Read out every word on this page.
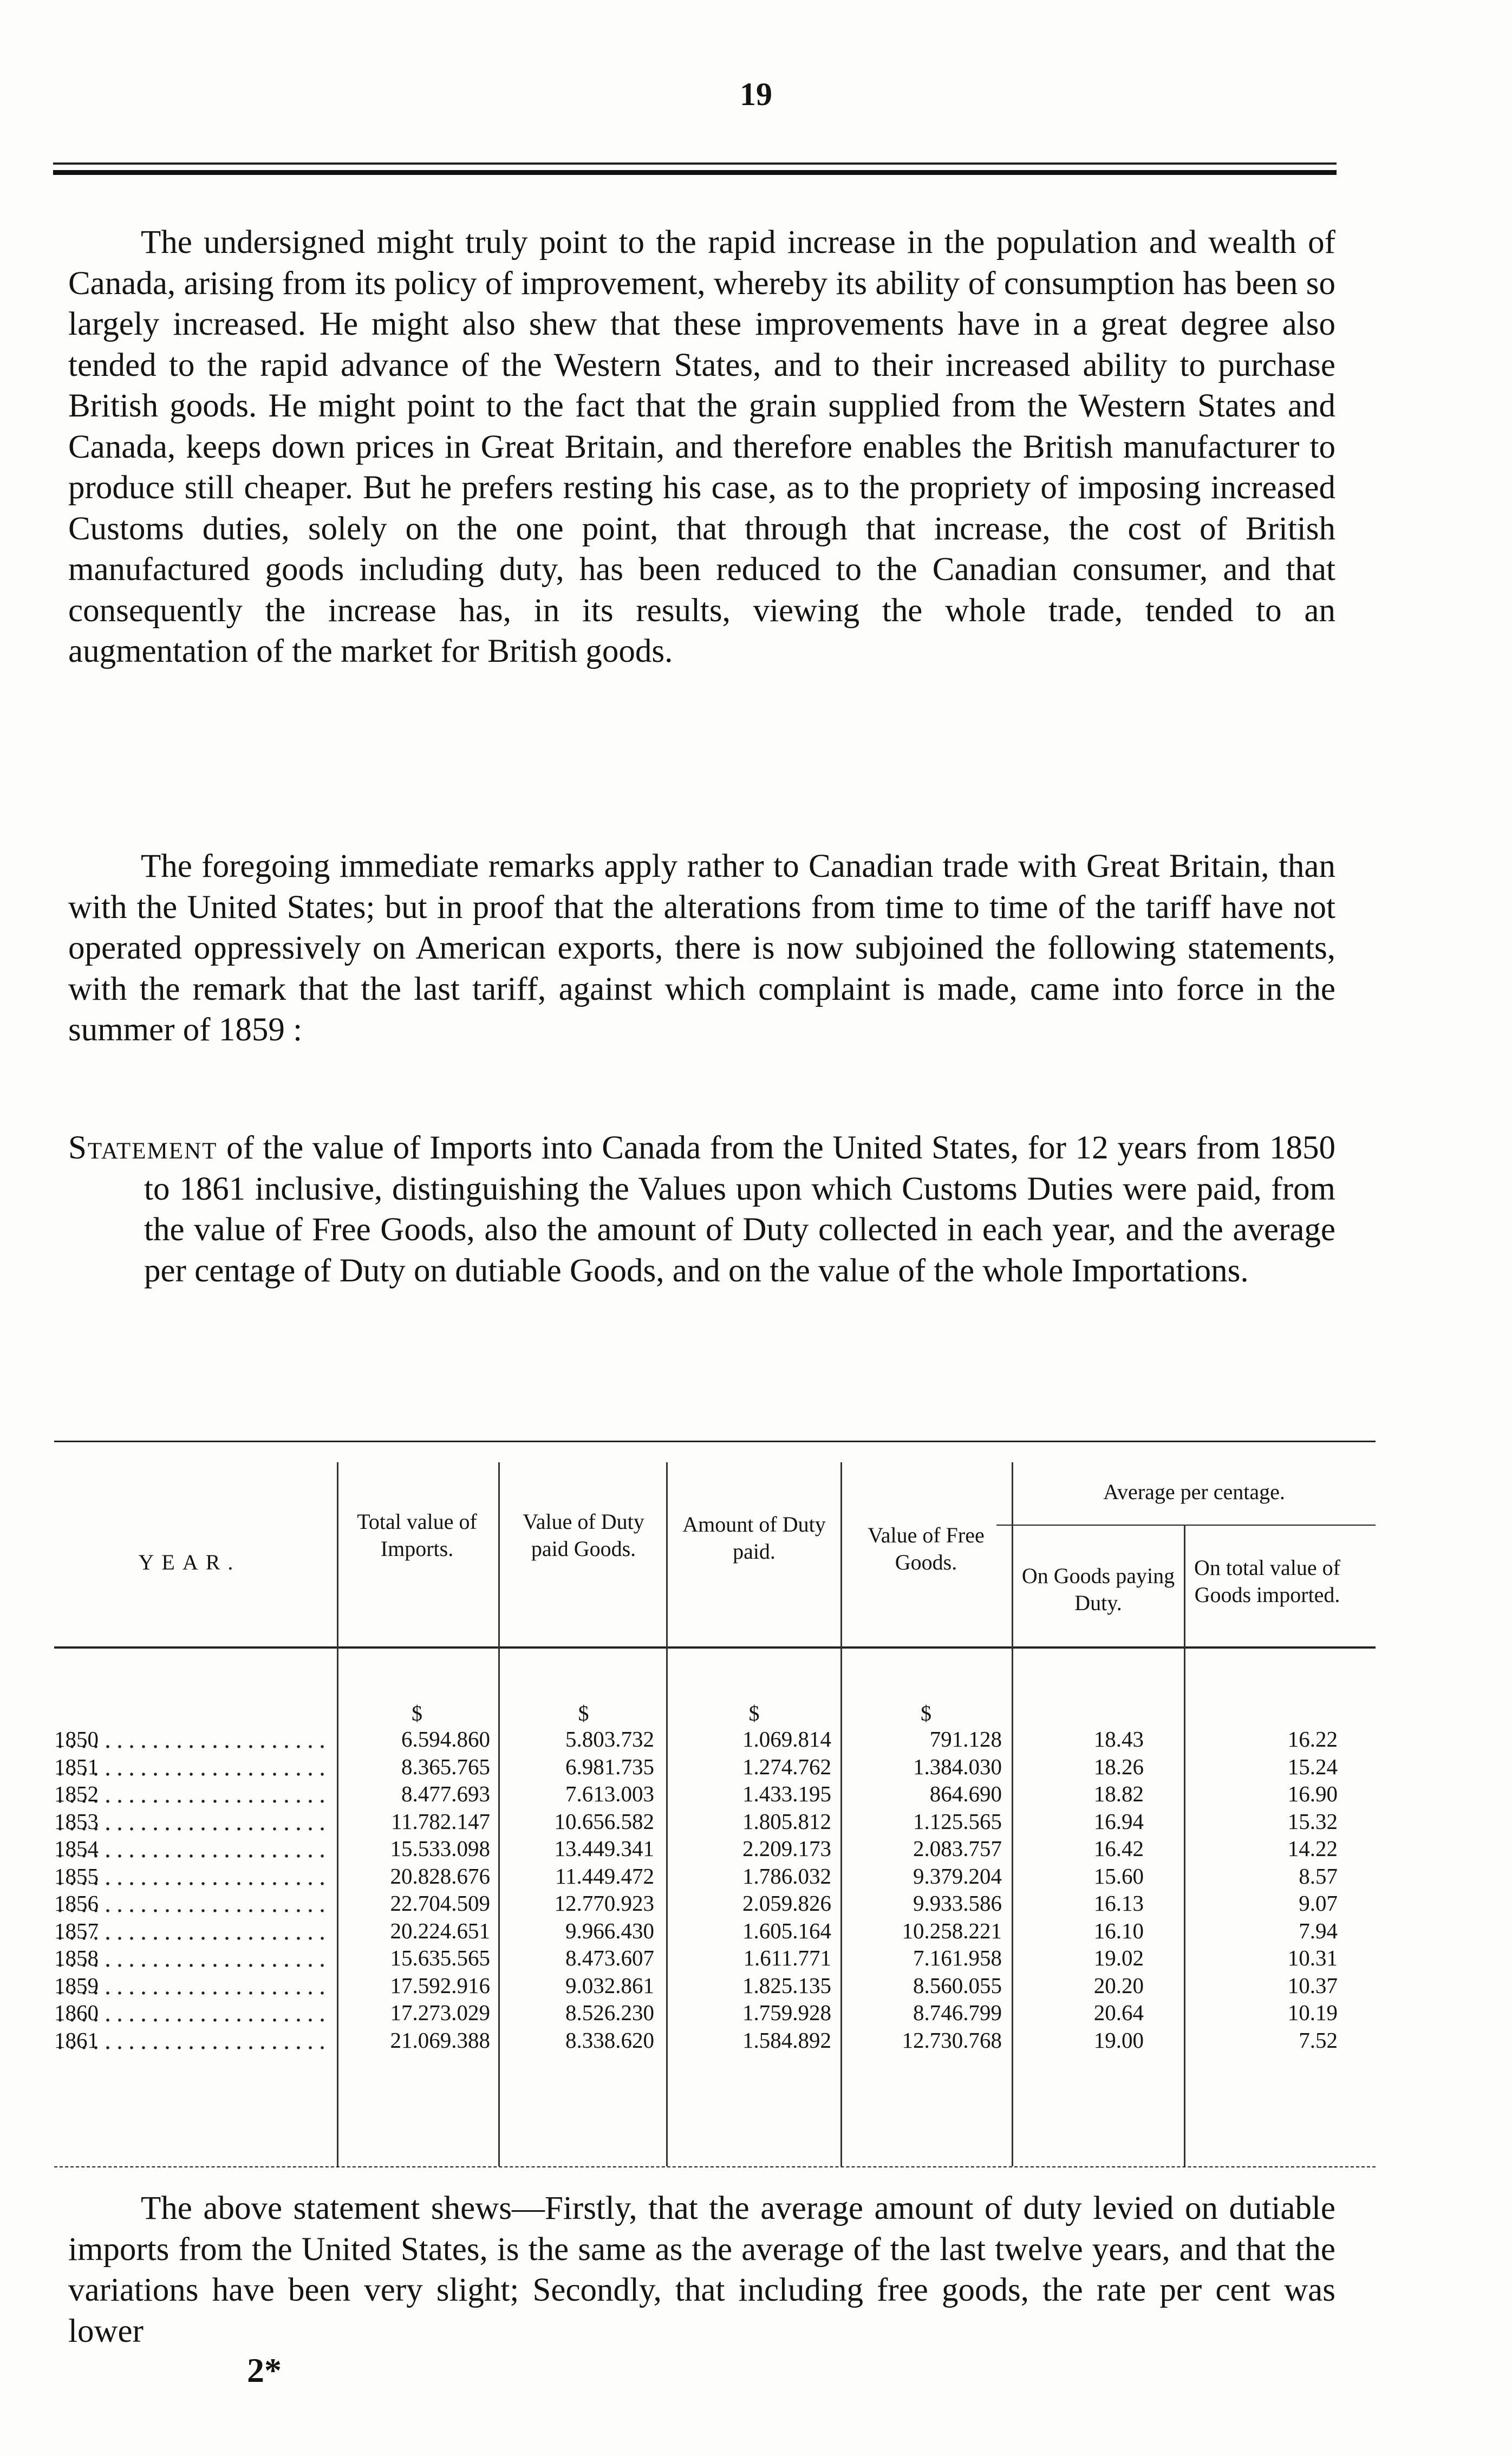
19

The undersigned might truly point to the rapid increase in the population and wealth of Canada, arising from its policy of improvement, whereby its ability of consumption has been so largely increased. He might also shew that these improvements have in a great degree also tended to the rapid advance of the Western States, and to their increased ability to purchase British goods. He might point to the fact that the grain supplied from the Western States and Canada, keeps down prices in Great Britain, and therefore enables the British manufacturer to produce still cheaper. But he prefers resting his case, as to the propriety of imposing increased Customs duties, solely on the one point, that through that increase, the cost of British manufactured goods including duty, has been reduced to the Canadian consumer, and that consequently the increase has, in its results, viewing the whole trade, tended to an augmentation of the market for British goods.

The foregoing immediate remarks apply rather to Canadian trade with Great Britain, than with the United States; but in proof that the alterations from time to time of the tariff have not operated oppressively on American exports, there is now subjoined the following statements, with the remark that the last tariff, against which complaint is made, came into force in the summer of 1859 :

Statement of the value of Imports into Canada from the United States, for 12 years from 1850 to 1861 inclusive, distinguishing the Values upon which Customs Duties were paid, from the value of Free Goods, also the amount of Duty collected in each year, and the average per centage of Duty on dutiable Goods, and on the value of the whole Importations.
YEAR.
Total value of Imports.
Value of Duty paid Goods.
Amount of Duty paid.
Value of Free Goods.
Average per centage.
On Goods paying Duty.
On total value of Goods imported.
$	$	$	$
1850	6.594.860	5.803.732	1.069.814	791.128	18.43	16.22
1851	8.365.765	6.981.735	1.274.762	1.384.030	18.26	15.24
1852	8.477.693	7.613.003	1.433.195	864.690	18.82	16.90
1853	11.782.147	10.656.582	1.805.812	1.125.565	16.94	15.32
1854	15.533.098	13.449.341	2.209.173	2.083.757	16.42	14.22
1855	20.828.676	11.449.472	1.786.032	9.379.204	15.60	8.57
1856	22.704.509	12.770.923	2.059.826	9.933.586	16.13	9.07
1857	20.224.651	9.966.430	1.605.164	10.258.221	16.10	7.94
1858	15.635.565	8.473.607	1.611.771	7.161.958	19.02	10.31
1859	17.592.916	9.032.861	1.825.135	8.560.055	20.20	10.37
1860	17.273.029	8.526.230	1.759.928	8.746.799	20.64	10.19
1861	21.069.388	8.338.620	1.584.892	12.730.768	19.00	7.52

The above statement shews—Firstly, that the average amount of duty levied on dutiable imports from the United States, is the same as the average of the last twelve years, and that the variations have been very slight; Secondly, that including free goods, the rate per cent was lower

2*
